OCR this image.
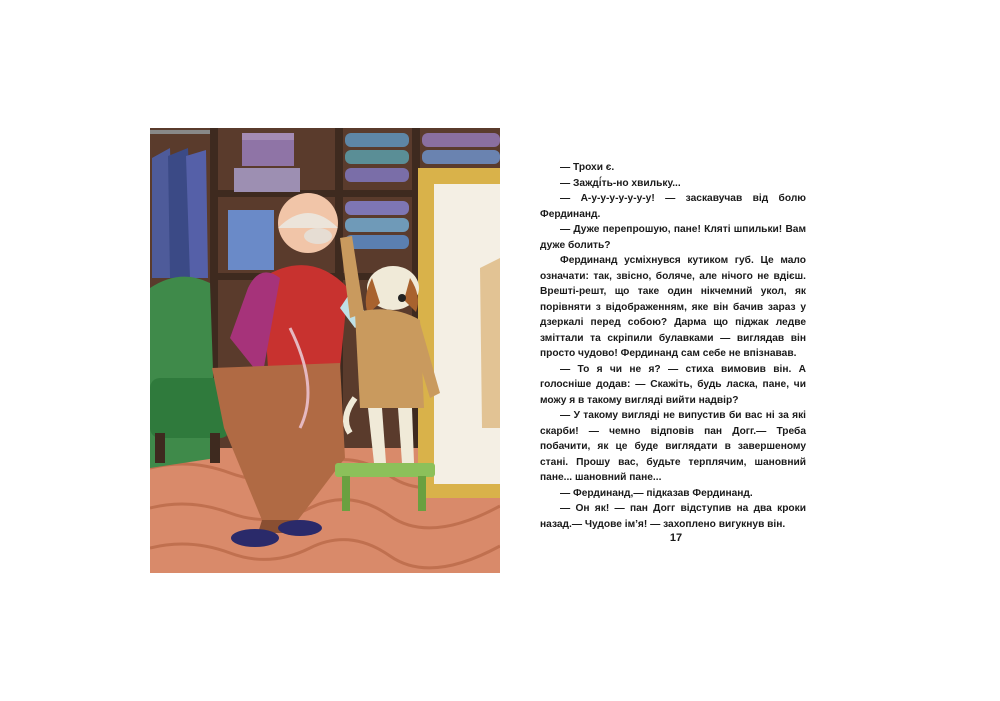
— Трохи є.

— Зажді́ть-но хвильку...

— А-у-у-у-у-у-у-у! — заскавучав від болю Фердинанд.

— Дуже перепрошую, пане! Кляті шпильки! Вам дуже болить?

Фердинанд усміхнувся кутиком губ. Це мало означати: так, звісно, боляче, але нічого не вдієш. Врешті-решт, що таке один нікчемний укол, як порівняти з відображенням, яке він бачив зараз у дзеркалі перед собою? Дарма що піджак ледве зміттали та скріпили булавками — виглядав він просто чудово! Фердинанд сам себе не впізнавав.

— То я чи не я? — стиха вимовив він. А голосніше додав: — Скажіть, будь ласка, пане, чи можу я в такому вигляді вийти надвір?

— У такому вигляді не випустив би вас ні за які скарби! — чемно відповів пан Догг.— Треба побачити, як це буде виглядати в завершеному стані. Прошу вас, будьте терплячим, шановний пане... шановний пане...

— Фердинанд,— підказав Фердинанд.

— Он як! — пан Догг відступив на два кроки назад.— Чудове ім’я! — захоплено вигукнув він.

17
